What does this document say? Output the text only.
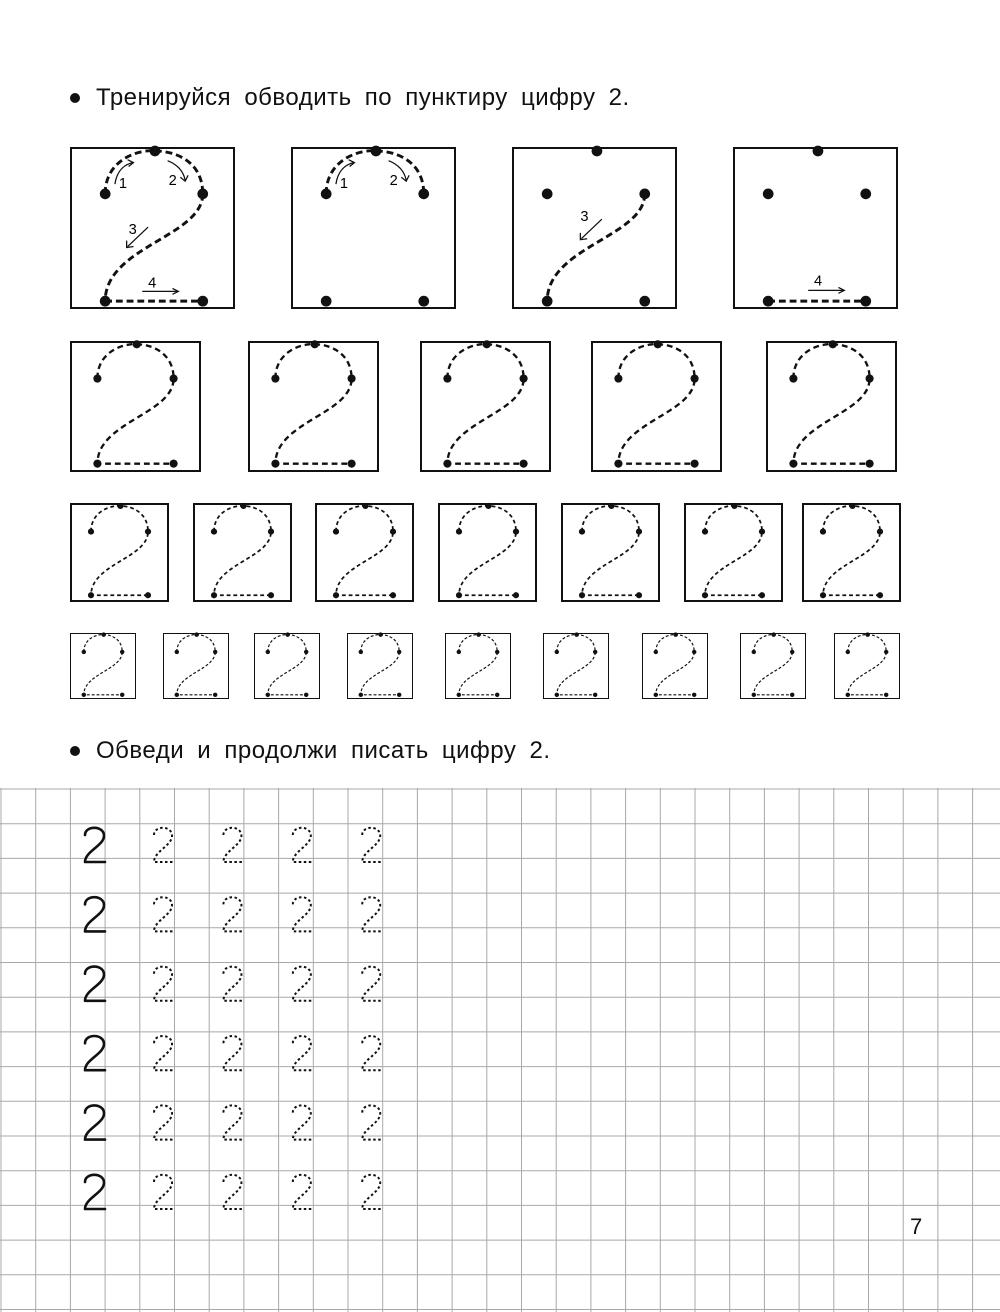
Тренируйся обводить по пунктиру цифру 2.
1	2
3
4
1	2
3
4
Обведи и продолжи писать цифру 2.
7
